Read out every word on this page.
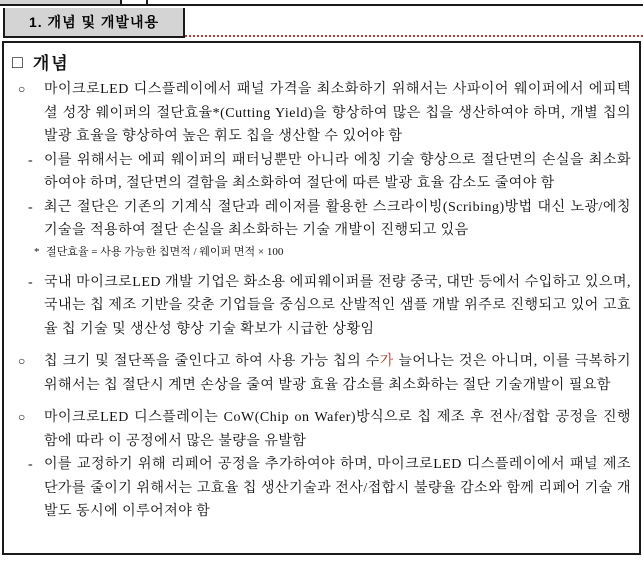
1. 개념 및 개발내용
□ 개념
○	마이크로LED 디스플레이에서 패널 가격을 최소화하기 위해서는 사파이어 웨이퍼에서 에피텍셜 성장 웨이퍼의 절단효율*(Cutting Yield)을 향상하여 많은 칩을 생산하여야 하며, 개별 칩의 발광 효율을 향상하여 높은 휘도 칩을 생산할 수 있어야 함
- 이를 위해서는 에피 웨이퍼의 패터닝뿐만 아니라 에칭 기술 향상으로 절단면의 손실을 최소화하여야 하며, 절단면의 결함을 최소화하여 절단에 따른 발광 효율 감소도 줄여야 함
- 최근 절단은 기존의 기계식 절단과 레이저를 활용한 스크라이빙(Scribing)방법 대신 노광/에칭 기술을 적용하여 절단 손실을 최소화하는 기술 개발이 진행되고 있음
* 절단효율 = 사용 가능한 칩면적 / 웨이퍼 면적 × 100
- 국내 마이크로LED 개발 기업은 화소용 에피웨이퍼를 전량 중국, 대만 등에서 수입하고 있으며, 국내는 칩 제조 기반을 갖춘 기업들을 중심으로 산발적인 샘플 개발 위주로 진행되고 있어 고효율 칩 기술 및 생산성 향상 기술 확보가 시급한 상황임
○	칩 크기 및 절단폭을 줄인다고 하여 사용 가능 칩의 수가 늘어나는 것은 아니며, 이를 극복하기 위해서는 칩 절단시 계면 손상을 줄여 발광 효율 감소를 최소화하는 절단 기술개발이 필요함
○	마이크로LED 디스플레이는 CoW(Chip on Wafer)방식으로 칩 제조 후 전사/접합 공정을 진행함에 따라 이 공정에서 많은 불량을 유발함
- 이를 교정하기 위해 리페어 공정을 추가하여야 하며, 마이크로LED 디스플레이에서 패널 제조 단가를 줄이기 위해서는 고효율 칩 생산기술과 전사/접합시 불량율 감소와 함께 리페어 기술 개발도 동시에 이루어져야 함
